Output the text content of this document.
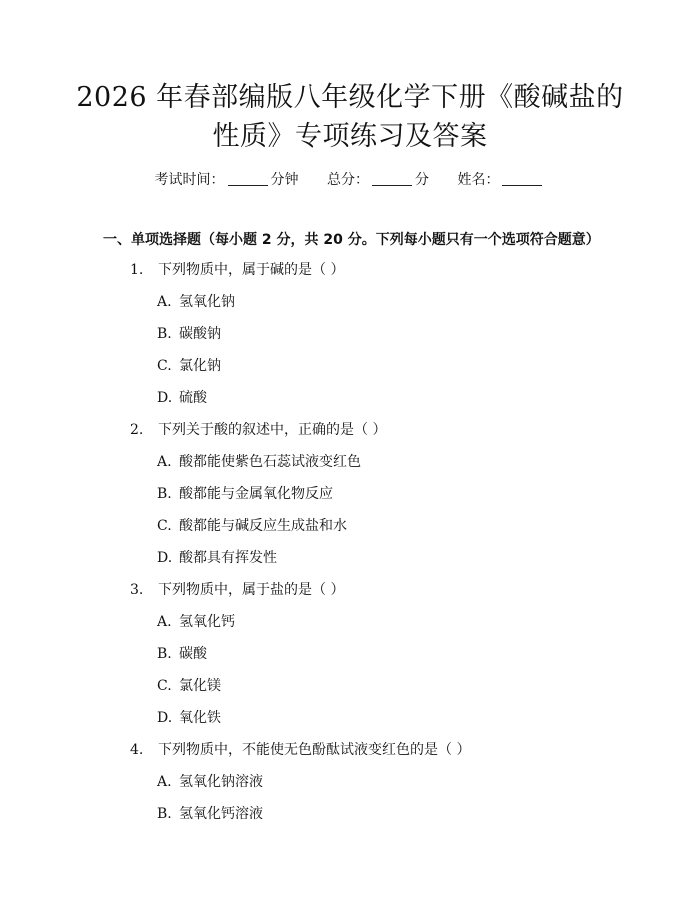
2026 年春部编版八年级化学下册《酸碱盐的
性质》专项练习及答案
考试时间：	分钟 总分：	分 姓名：
一、单项选择题（每小题 2 分，共 20 分。下列每小题只有一个选项符合题意）
1. 下列物质中，属于碱的是（ ）
A. 氢氧化钠
B. 碳酸钠
C. 氯化钠
D. 硫酸
2. 下列关于酸的叙述中，正确的是（ ）
A. 酸都能使紫色石蕊试液变红色
B. 酸都能与金属氧化物反应
C. 酸都能与碱反应生成盐和水
D. 酸都具有挥发性
3. 下列物质中，属于盐的是（ ）
A. 氢氧化钙
B. 碳酸
C. 氯化镁
D. 氧化铁
4. 下列物质中，不能使无色酚酞试液变红色的是（ ）
A. 氢氧化钠溶液
B. 氢氧化钙溶液
